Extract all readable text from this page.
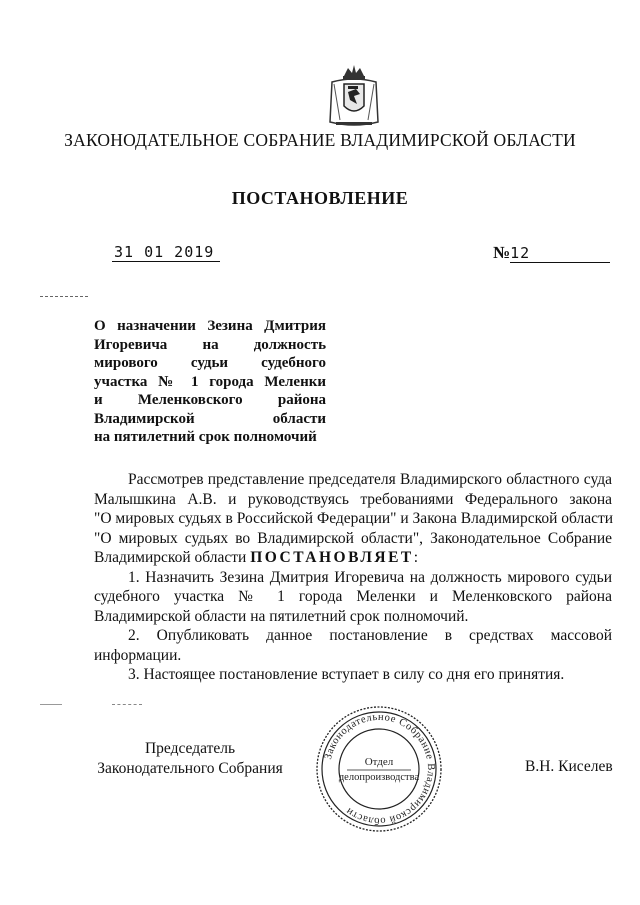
ЗАКОНОДАТЕЛЬНОЕ СОБРАНИЕ ВЛАДИМИРСКОЙ ОБЛАСТИ
ПОСТАНОВЛЕНИЕ
31 01 2019	№12
О назначении Зезина Дмитрия
Игоревича на должность
мирового судьи судебного
участка № 1 города Меленки
и Меленковского района
Владимирской области
на пятилетний срок полномочий
Рассмотрев представление председателя Владимирского областного суда
Малышкина А.В. и руководствуясь требованиями Федерального закона
"О мировых судьях в Российской Федерации" и Закона Владимирской области
"О мировых судьях во Владимирской области", Законодательное Собрание
Владимирской области ПОСТАНОВЛЯЕТ:
1. Назначить Зезина Дмитрия Игоревича на должность мирового судьи
судебного участка № 1 города Меленки и Меленковского района
Владимирской области на пятилетний срок полномочий.
2. Опубликовать данное постановление в средствах массовой
информации.
3. Настоящее постановление вступает в силу со дня его принятия.
Председатель
Законодательного Собрания
Законодательное Собрание Владимирской области
Отдел
делопроизводства
В.Н. Киселев
